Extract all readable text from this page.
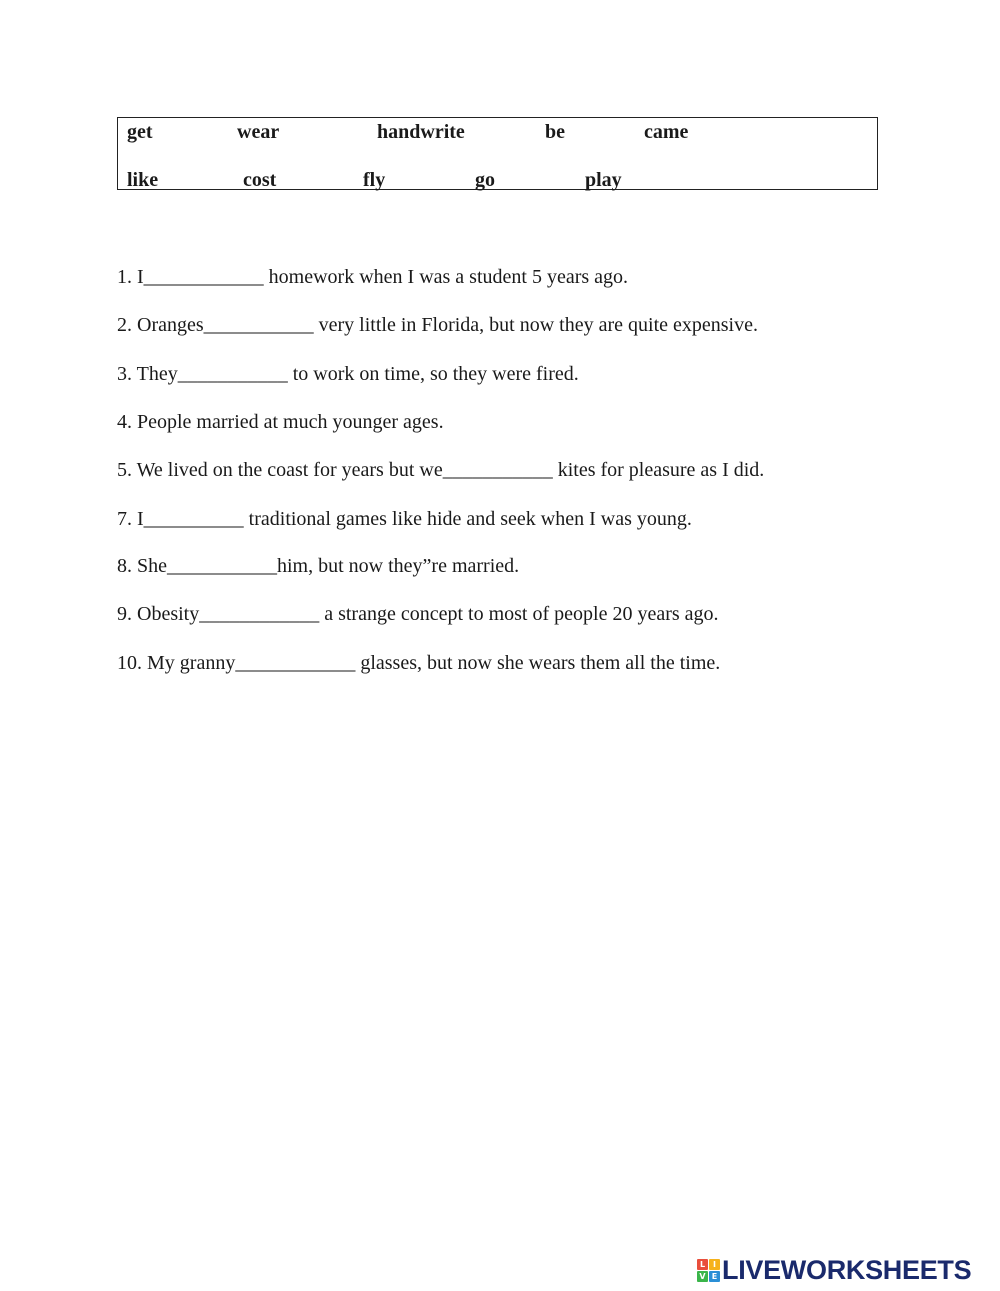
get	wear	handwrite	be	came
like	cost	fly	go	play
1. I____________ homework when I was a student 5 years ago.
2. Oranges___________ very little in Florida, but now they are quite expensive.
3. They___________ to work on time, so they were fired.
4. People married at much younger ages.
5. We lived on the coast for years but we___________ kites for pleasure as I did.
7. I__________ traditional games like hide and seek when I was young.
8. She___________him, but now they”re married.
9. Obesity____________ a strange concept to most of people 20 years ago.
10. My granny____________ glasses, but now she wears them all the time.
L I
V E LIVEWORKSHEETS
